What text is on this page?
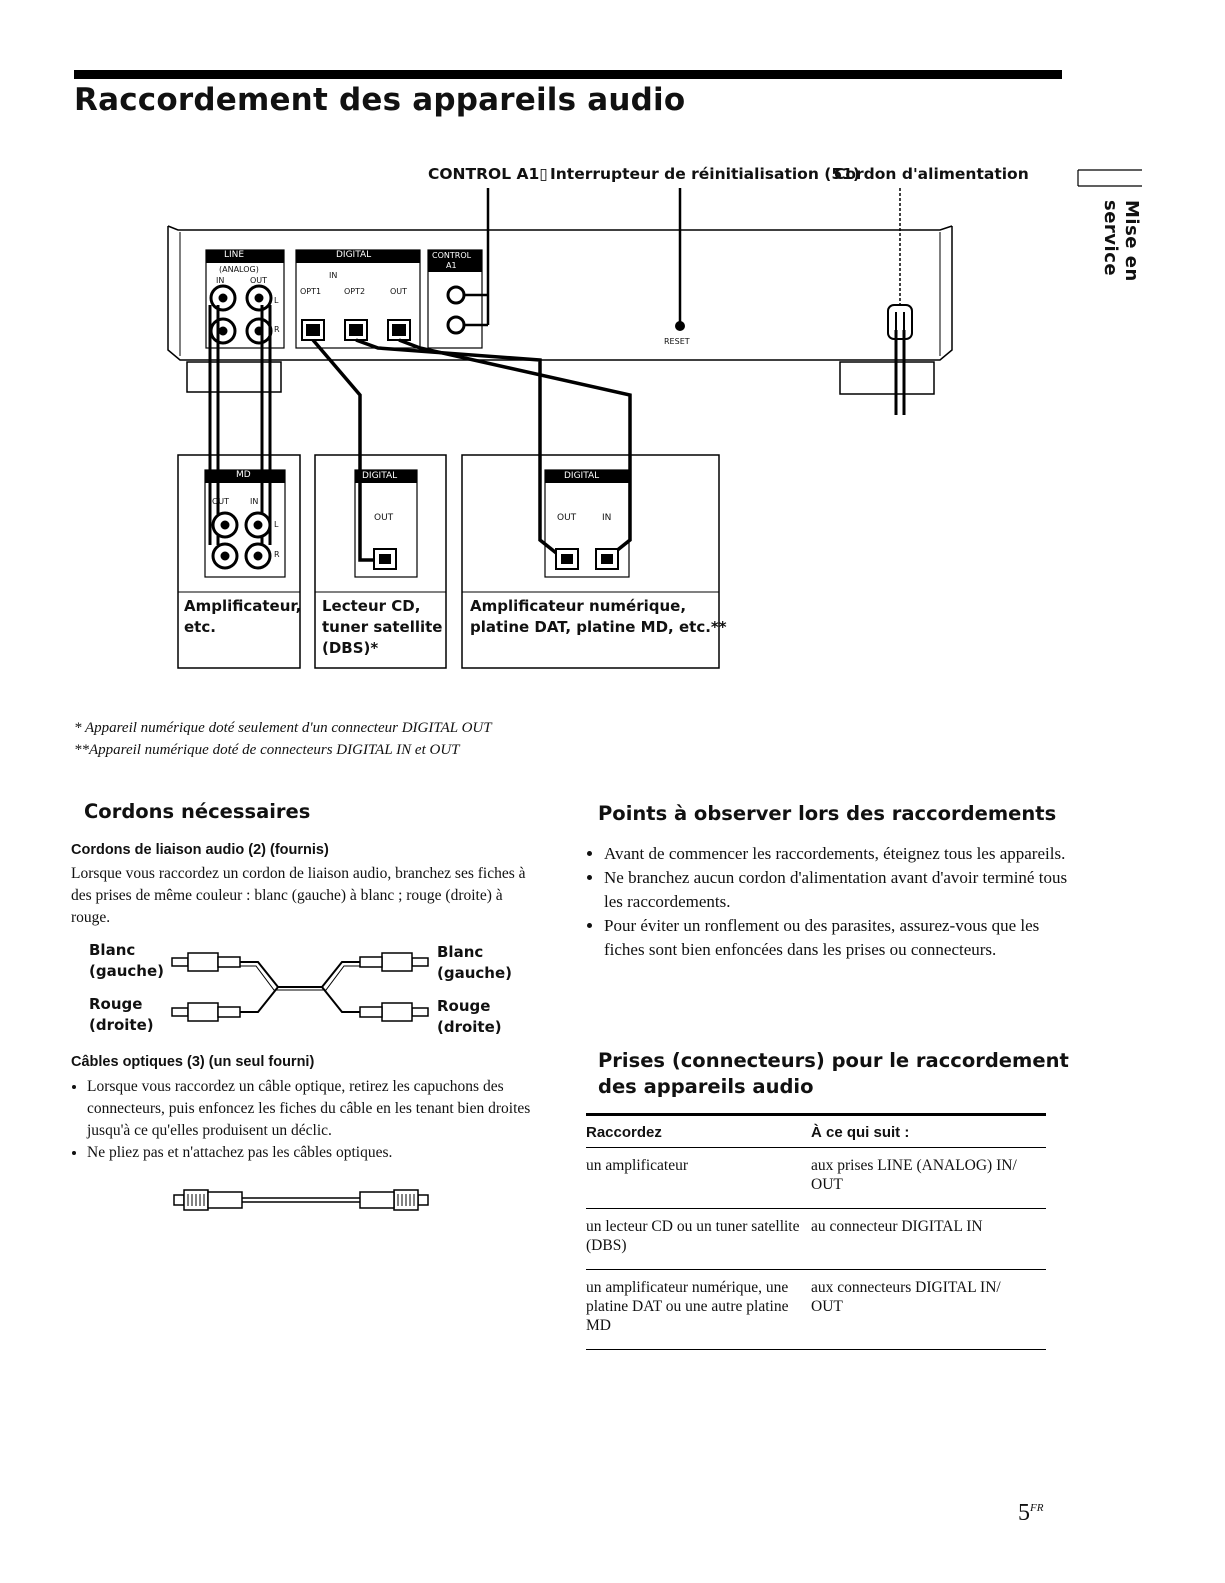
Raccordement des appareils audio
Mise en service
CONTROL A1▯ Interrupteur de réinitialisation (51)
Cordon d'alimentation
LINE
(ANALOG)
IN	OUT
L
R
DIGITAL
IN
OPT1	OPT2	OUT
CONTROL
A1
RESET
MD
OUT	IN
L
R
DIGITAL
OUT
DIGITAL
OUT	IN
Amplificateur,
etc.
Lecteur CD,
tuner satellite
(DBS)*
Amplificateur numérique,
platine DAT, platine MD, etc.**
* Appareil numérique doté seulement d'un connecteur DIGITAL OUT
**Appareil numérique doté de connecteurs DIGITAL IN et OUT
Cordons nécessaires
Cordons de liaison audio (2) (fournis)
Lorsque vous raccordez un cordon de liaison audio, branchez ses fiches à des prises de même couleur : blanc (gauche) à blanc ; rouge (droite) à rouge.
Blanc
(gauche)
Rouge
(droite)
Blanc
(gauche)
Rouge
(droite)
Câbles optiques (3) (un seul fourni)
• Lorsque vous raccordez un câble optique, retirez les capuchons des connecteurs, puis enfoncez les fiches du câble en les tenant bien droites jusqu'à ce qu'elles produisent un déclic.
• Ne pliez pas et n'attachez pas les câbles optiques.
Points à observer lors des raccordements
• Avant de commencer les raccordements, éteignez tous les appareils.
• Ne branchez aucun cordon d'alimentation avant d'avoir terminé tous les raccordements.
• Pour éviter un ronflement ou des parasites, assurez-vous que les fiches sont bien enfoncées dans les prises ou connecteurs.
Prises (connecteurs) pour le raccordement
des appareils audio
Raccordez	À ce qui suit :
un amplificateur	aux prises LINE (ANALOG) IN/ OUT
un lecteur CD ou un tuner satellite (DBS)	au connecteur DIGITAL IN
un amplificateur numérique, une platine DAT ou une autre platine MD	aux connecteurs DIGITAL IN/ OUT
$5^{FR}$
